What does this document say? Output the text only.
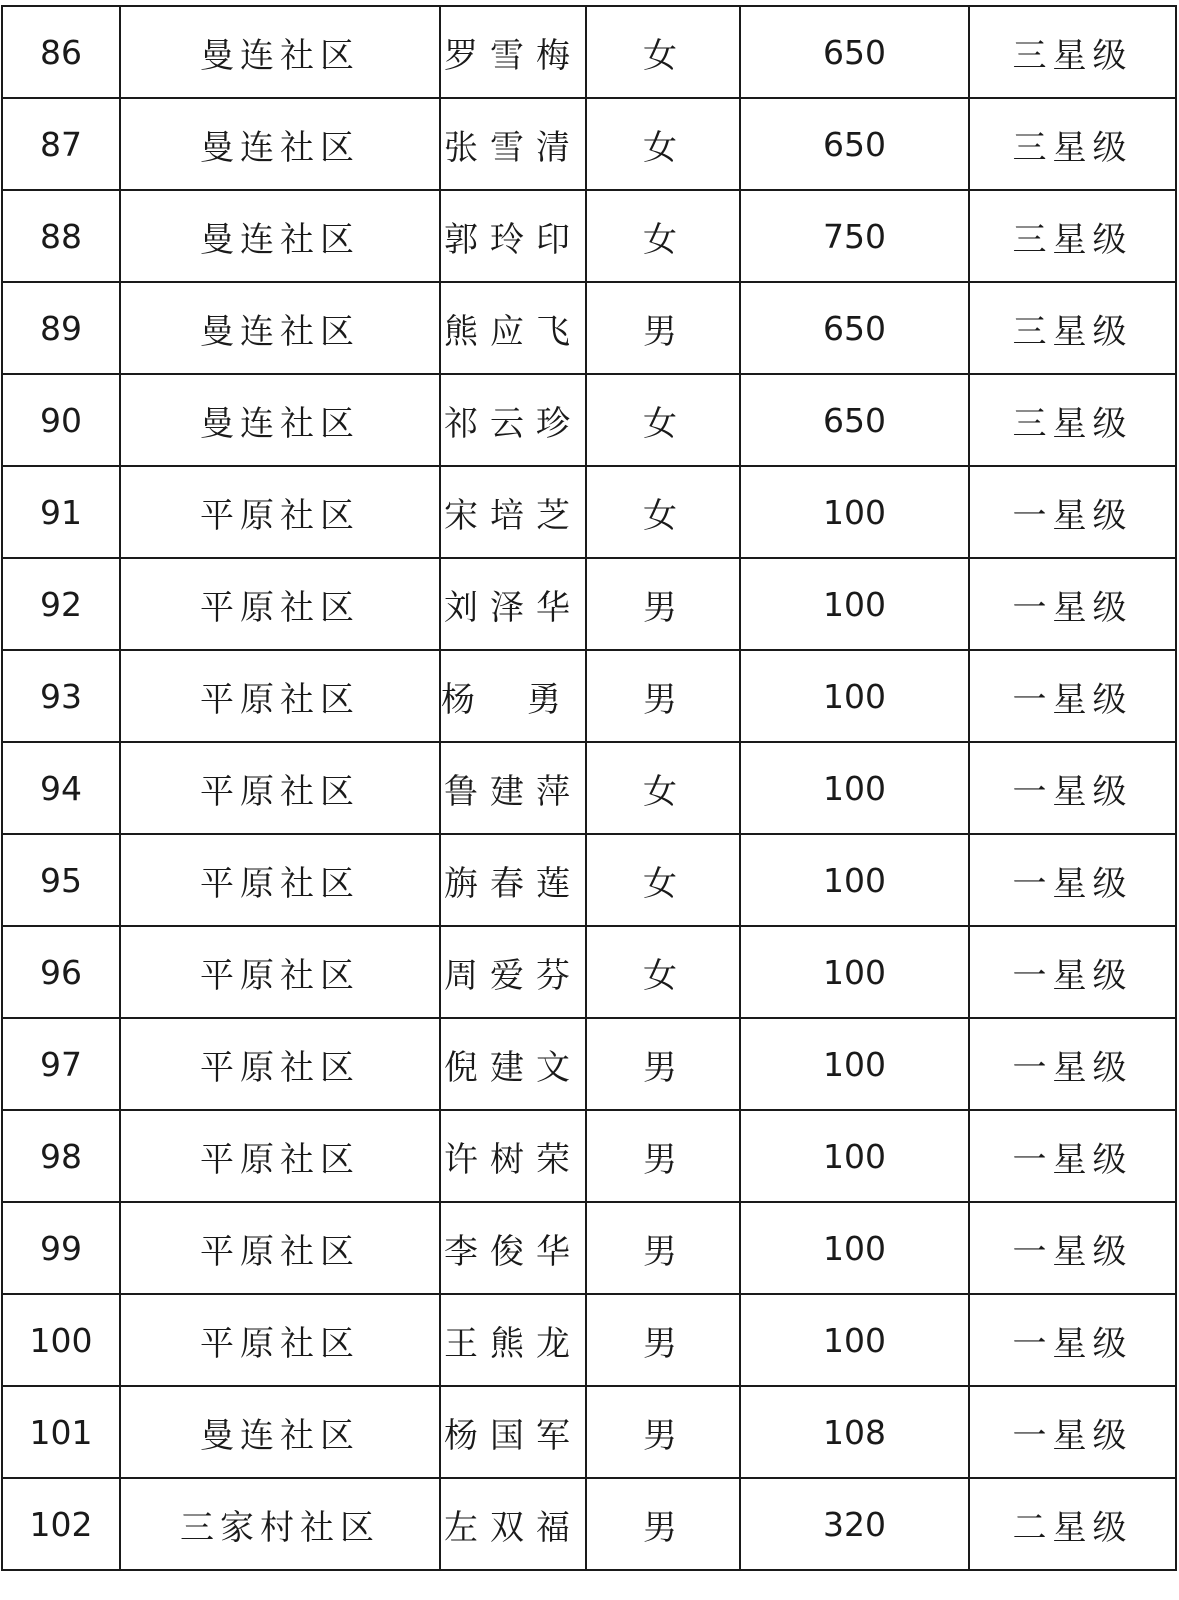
86	曼连社区	罗雪梅	女	650	三星级
87	曼连社区	张雪清	女	650	三星级
88	曼连社区	郭玲印	女	750	三星级
89	曼连社区	熊应飞	男	650	三星级
90	曼连社区	祁云珍	女	650	三星级
91	平原社区	宋培芝	女	100	一星级
92	平原社区	刘泽华	男	100	一星级
93	平原社区	杨勇	男	100	一星级
94	平原社区	鲁建萍	女	100	一星级
95	平原社区	旃春莲	女	100	一星级
96	平原社区	周爱芬	女	100	一星级
97	平原社区	倪建文	男	100	一星级
98	平原社区	许树荣	男	100	一星级
99	平原社区	李俊华	男	100	一星级
100	平原社区	王熊龙	男	100	一星级
101	曼连社区	杨国军	男	108	一星级
102	三家村社区	左双福	男	320	二星级
